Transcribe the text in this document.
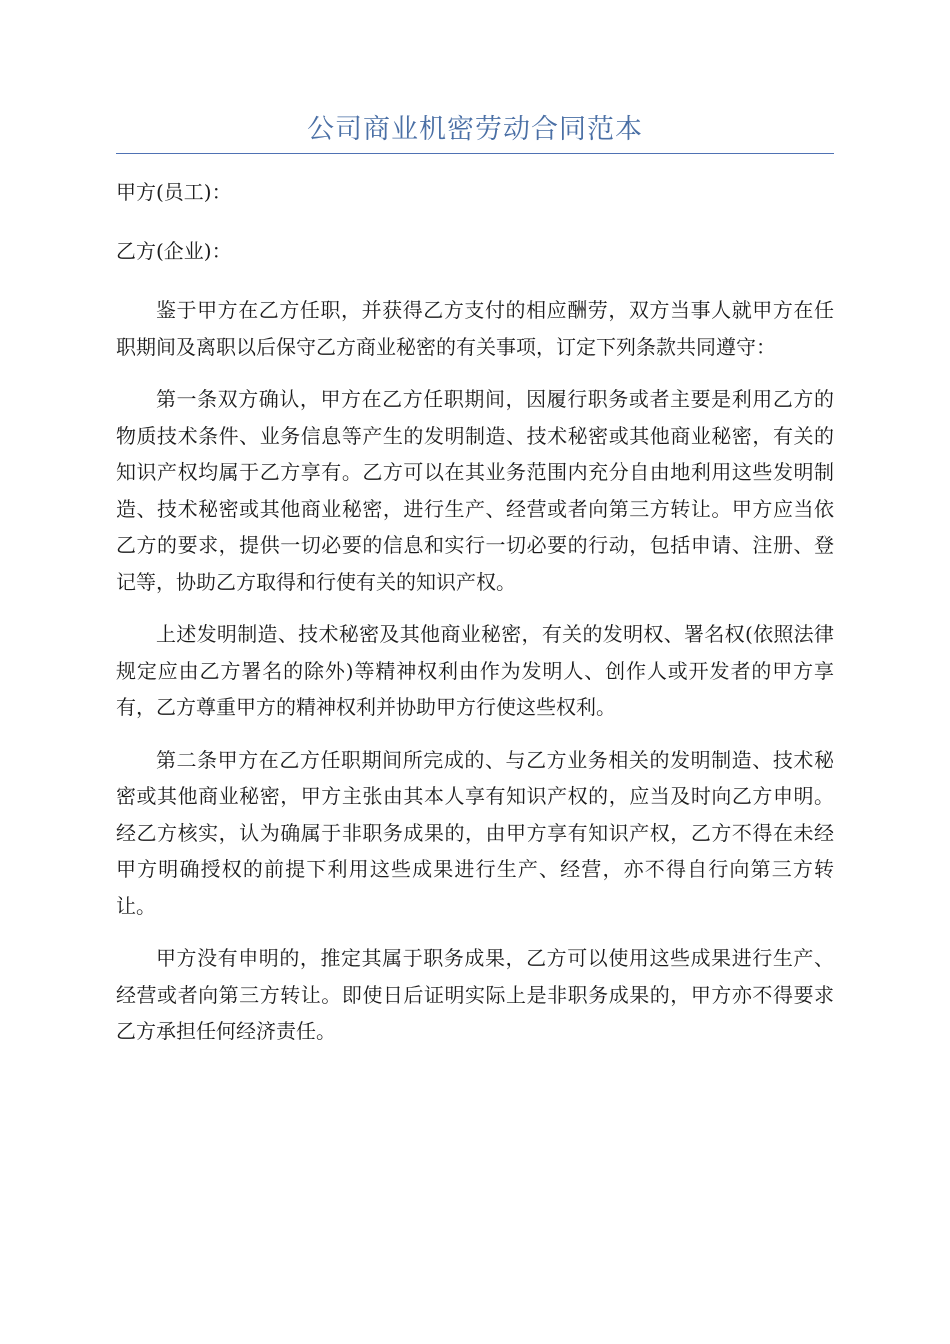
公司商业机密劳动合同范本

甲方(员工)：

乙方(企业)：

鉴于甲方在乙方任职，并获得乙方支付的相应酬劳，双方当事人就甲方在任职期间及离职以后保守乙方商业秘密的有关事项，订定下列条款共同遵守：

第一条双方确认，甲方在乙方任职期间，因履行职务或者主要是利用乙方的物质技术条件、业务信息等产生的发明制造、技术秘密或其他商业秘密，有关的知识产权均属于乙方享有。乙方可以在其业务范围内充分自由地利用这些发明制造、技术秘密或其他商业秘密，进行生产、经营或者向第三方转让。甲方应当依乙方的要求，提供一切必要的信息和实行一切必要的行动，包括申请、注册、登记等，协助乙方取得和行使有关的知识产权。

上述发明制造、技术秘密及其他商业秘密，有关的发明权、署名权(依照法律规定应由乙方署名的除外)等精神权利由作为发明人、创作人或开发者的甲方享有，乙方尊重甲方的精神权利并协助甲方行使这些权利。

第二条甲方在乙方任职期间所完成的、与乙方业务相关的发明制造、技术秘密或其他商业秘密，甲方主张由其本人享有知识产权的，应当及时向乙方申明。经乙方核实，认为确属于非职务成果的，由甲方享有知识产权，乙方不得在未经甲方明确授权的前提下利用这些成果进行生产、经营，亦不得自行向第三方转让。

甲方没有申明的，推定其属于职务成果，乙方可以使用这些成果进行生产、经营或者向第三方转让。即使日后证明实际上是非职务成果的，甲方亦不得要求乙方承担任何经济责任。
